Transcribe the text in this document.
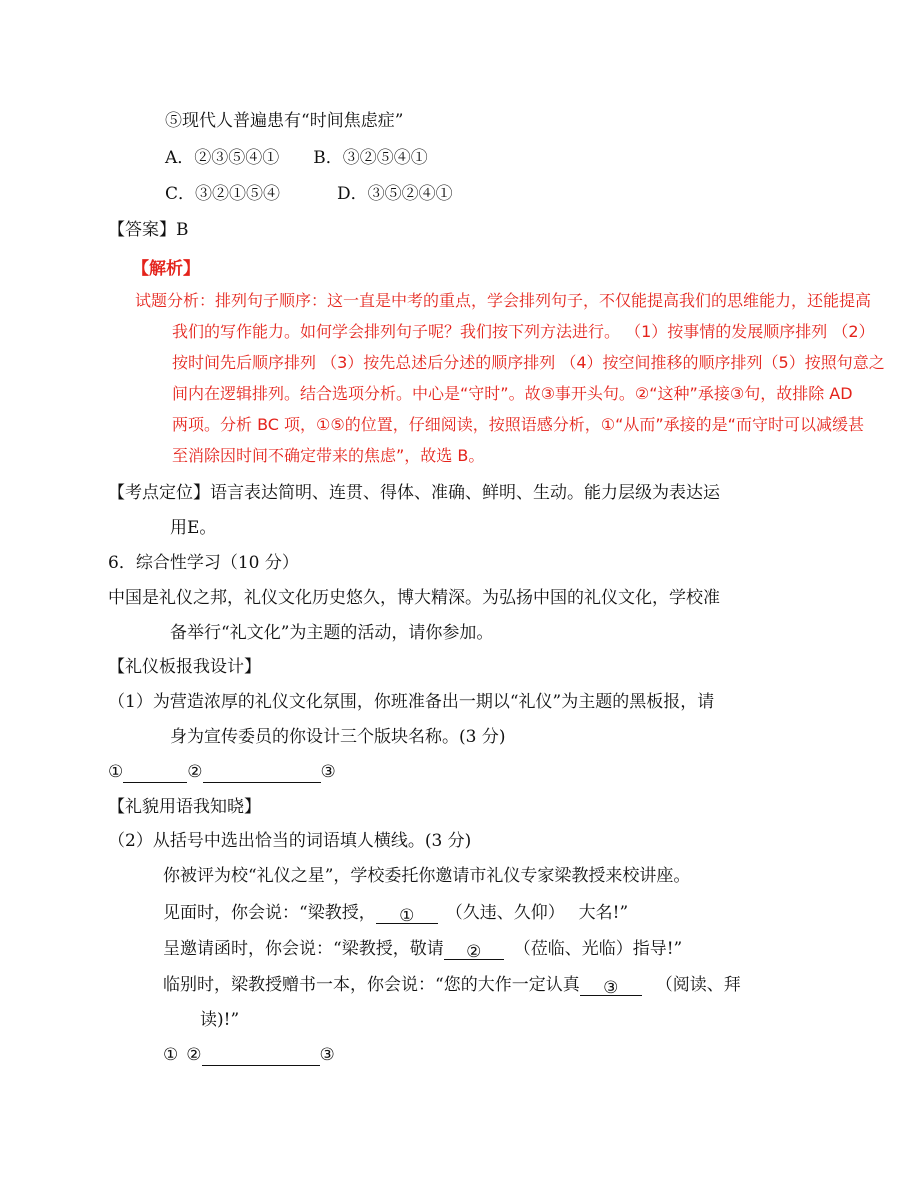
⑤现代人普遍患有“时间焦虑症”
A．②③⑤④①　　B．③②⑤④①
C．③②①⑤④	D．③⑤②④①
【答案】B
【解析】
试题分析：排列句子顺序：这一直是中考的重点，学会排列句子，不仅能提高我们的思维能力，还能提高
我们的写作能力。如何学会排列句子呢？我们按下列方法进行。 （1）按事情的发展顺序排列 （2）
按时间先后顺序排列 （3）按先总述后分述的顺序排列 （4）按空间推移的顺序排列（5）按照句意之
间内在逻辑排列。结合选项分析。中心是“守时”。故③事开头句。②“这种”承接③句，故排除 AD
两项。分析 BC 项，①⑤的位置，仔细阅读，按照语感分析，①“从而”承接的是“而守时可以减缓甚
至消除因时间不确定带来的焦虑”，故选 B。
【考点定位】语言表达简明、连贯、得体、准确、鲜明、生动。能力层级为表达运
用E。
6．综合性学习（10 分）
中国是礼仪之邦，礼仪文化历史悠久，博大精深。为弘扬中国的礼仪文化，学校准
备举行“礼文化”为主题的活动，请你参加。
【礼仪板报我设计】
（1）为营造浓厚的礼仪文化氛围，你班准备出一期以“礼仪”为主题的黑板报，请
身为宣传委员的你设计三个版块名称。(3 分)
①	②	③
【礼貌用语我知晓】
（2）从括号中选出恰当的词语填人横线。(3 分)
你被评为校“礼仪之星”，学校委托你邀请市礼仪专家梁教授来校讲座。
见面时，你会说：“梁教授， ① （久违、久仰）　 大名!”
呈邀请函时，你会说：“梁教授，敬请 ② （莅临、光临）指导!”
临别时，梁教授赠书一本，你会说：“您的大作一定认真 ③ （阅读、拜
读)!”
① ②	③
